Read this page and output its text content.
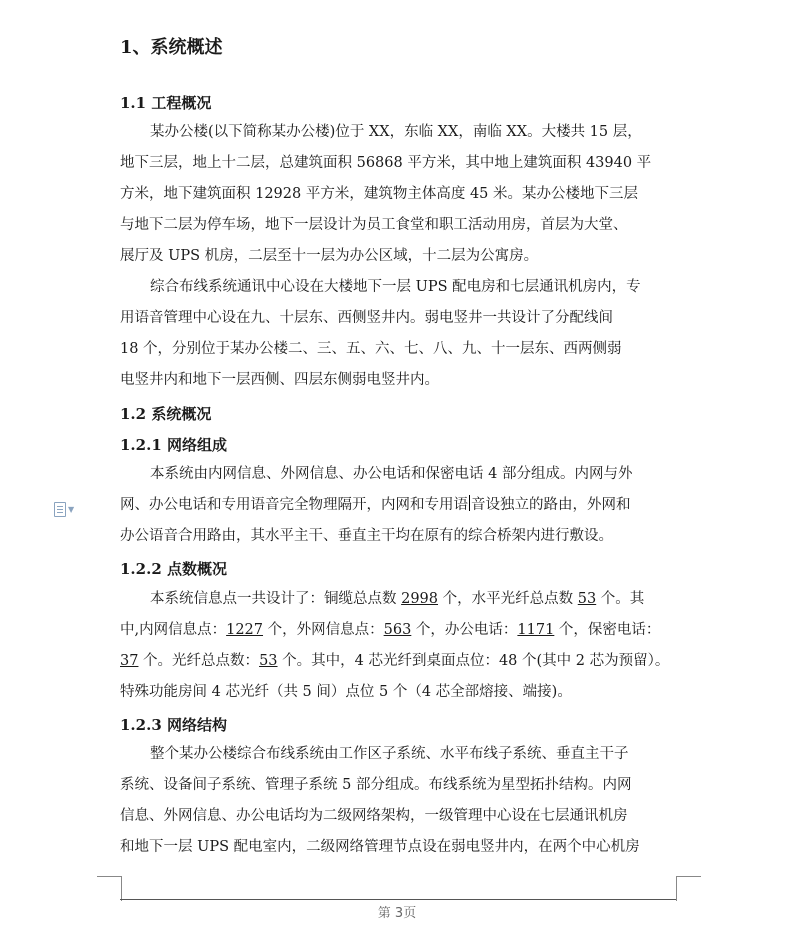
1、系统概述
1.1 工程概况
某办公楼(以下简称某办公楼)位于 XX，东临 XX，南临 XX。大楼共 15 层，
地下三层，地上十二层，总建筑面积 56868 平方米，其中地上建筑面积 43940 平
方米，地下建筑面积 12928 平方米，建筑物主体高度 45 米。某办公楼地下三层
与地下二层为停车场，地下一层设计为员工食堂和职工活动用房，首层为大堂、
展厅及 UPS 机房，二层至十一层为办公区域，十二层为公寓房。
综合布线系统通讯中心设在大楼地下一层 UPS 配电房和七层通讯机房内，专
用语音管理中心设在九、十层东、西侧竖井内。弱电竖井一共设计了分配线间
18 个，分别位于某办公楼二、三、五、六、七、八、九、十一层东、西两侧弱
电竖井内和地下一层西侧、四层东侧弱电竖井内。
1.2 系统概况
1.2.1 网络组成
本系统由内网信息、外网信息、办公电话和保密电话 4 部分组成。内网与外
网、办公电话和专用语音完全物理隔开，内网和专用语 音设独立的路由，外网和
办公语音合用路由，其水平主干、垂直主干均在原有的综合桥架内进行敷设。
1.2.2 点数概况
本系统信息点一共设计了：铜缆总点数 2998 个，水平光纤总点数 53 个。其
中,内网信息点：1227 个，外网信息点：563 个，办公电话：1171 个，保密电话：
37 个。光纤总点数：53 个。其中，4 芯光纤到桌面点位：48 个(其中 2 芯为预留）。
特殊功能房间 4 芯光纤（共 5 间）点位 5 个（4 芯全部熔接、端接)。
1.2.3 网络结构
整个某办公楼综合布线系统由工作区子系统、水平布线子系统、垂直主干子
系统、设备间子系统、管理子系统 5 部分组成。布线系统为星型拓扑结构。内网
信息、外网信息、办公电话均为二级网络架构，一级管理中心设在七层通讯机房
和地下一层 UPS 配电室内，二级网络管理节点设在弱电竖井内，在两个中心机房
▼
第 3页
